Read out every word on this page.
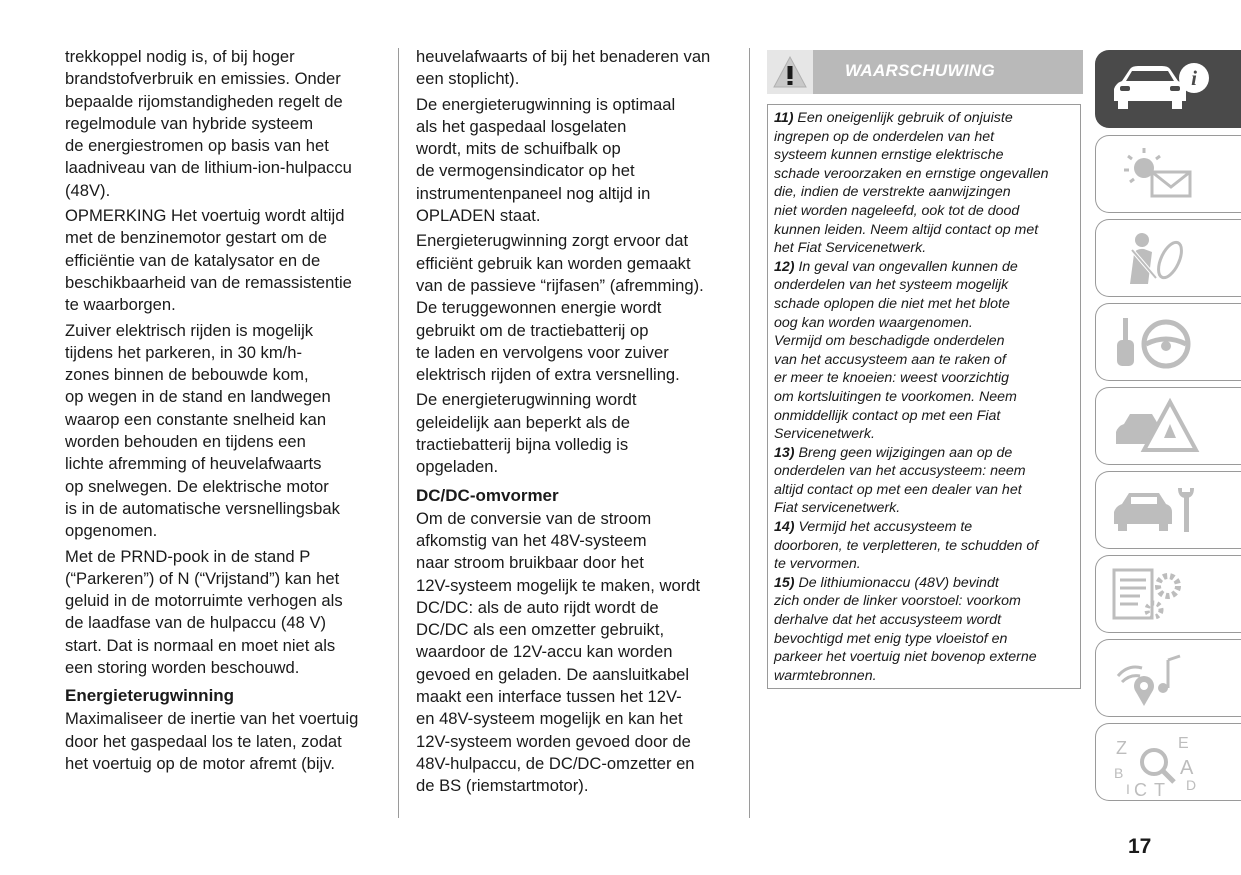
trekkoppel nodig is, of bij hoger
brandstofverbruik en emissies. Onder
bepaalde rijomstandigheden regelt de
regelmodule van hybride systeem
de energiestromen op basis van het
laadniveau van de lithium-ion-hulpaccu
(48V).

OPMERKING Het voertuig wordt altijd
met de benzinemotor gestart om de
efficiëntie van de katalysator en de
beschikbaarheid van de remassistentie
te waarborgen.

Zuiver elektrisch rijden is mogelijk
tijdens het parkeren, in 30 km/h-
zones binnen de bebouwde kom,
op wegen in de stand en landwegen
waarop een constante snelheid kan
worden behouden en tijdens een
lichte afremming of heuvelafwaarts
op snelwegen. De elektrische motor
is in de automatische versnellingsbak
opgenomen.

Met de PRND-pook in de stand P
(“Parkeren”) of N (“Vrijstand”) kan het
geluid in de motorruimte verhogen als
de laadfase van de hulpaccu (48 V)
start. Dat is normaal en moet niet als
een storing worden beschouwd.

Energieterugwinning

Maximaliseer de inertie van het voertuig
door het gaspedaal los te laten, zodat
het voertuig op de motor afremt (bijv.

heuvelafwaarts of bij het benaderen van
een stoplicht).

De energieterugwinning is optimaal
als het gaspedaal losgelaten
wordt, mits de schuifbalk op
de vermogensindicator op het
instrumentenpaneel nog altijd in
OPLADEN staat.

Energieterugwinning zorgt ervoor dat
efficiënt gebruik kan worden gemaakt
van de passieve “rijfasen” (afremming).
De teruggewonnen energie wordt
gebruikt om de tractiebatterij op
te laden en vervolgens voor zuiver
elektrisch rijden of extra versnelling.

De energieterugwinning wordt
geleidelijk aan beperkt als de
tractiebatterij bijna volledig is
opgeladen.

DC/DC-omvormer

Om de conversie van de stroom
afkomstig van het 48V-systeem
naar stroom bruikbaar door het
12V-systeem mogelijk te maken, wordt
DC/DC: als de auto rijdt wordt de
DC/DC als een omzetter gebruikt,
waardoor de 12V-accu kan worden
gevoed en geladen. De aansluitkabel
maakt een interface tussen het 12V-
en 48V-systeem mogelijk en kan het
12V-systeem worden gevoed door de
48V-hulpaccu, de DC/DC-omzetter en
de BS (riemstartmotor).

WAARSCHUWING
11) Een oneigenlijk gebruik of onjuiste
ingrepen op de onderdelen van het
systeem kunnen ernstige elektrische
schade veroorzaken en ernstige ongevallen
die, indien de verstrekte aanwijzingen
niet worden nageleefd, ook tot de dood
kunnen leiden. Neem altijd contact op met
het Fiat Servicenetwerk.
12) In geval van ongevallen kunnen de
onderdelen van het systeem mogelijk
schade oplopen die niet met het blote
oog kan worden waargenomen.
Vermijd om beschadigde onderdelen
van het accusysteem aan te raken of
er meer te knoeien: weest voorzichtig
om kortsluitingen te voorkomen. Neem
onmiddellijk contact op met een Fiat
Servicenetwerk.
13) Breng geen wijzigingen aan op de
onderdelen van het accusysteem: neem
altijd contact op met een dealer van het
Fiat servicenetwerk.
14) Vermijd het accusysteem te
doorboren, te verpletteren, te schudden of
te vervormen.
15) De lithiumionaccu (48V) bevindt
zich onder de linker voorstoel: voorkom
derhalve dat het accusysteem wordt
bevochtigd met enig type vloeistof en
parkeer het voertuig niet bovenop externe
warmtebronnen.
i
Z	E
B	A
I C T D
17
